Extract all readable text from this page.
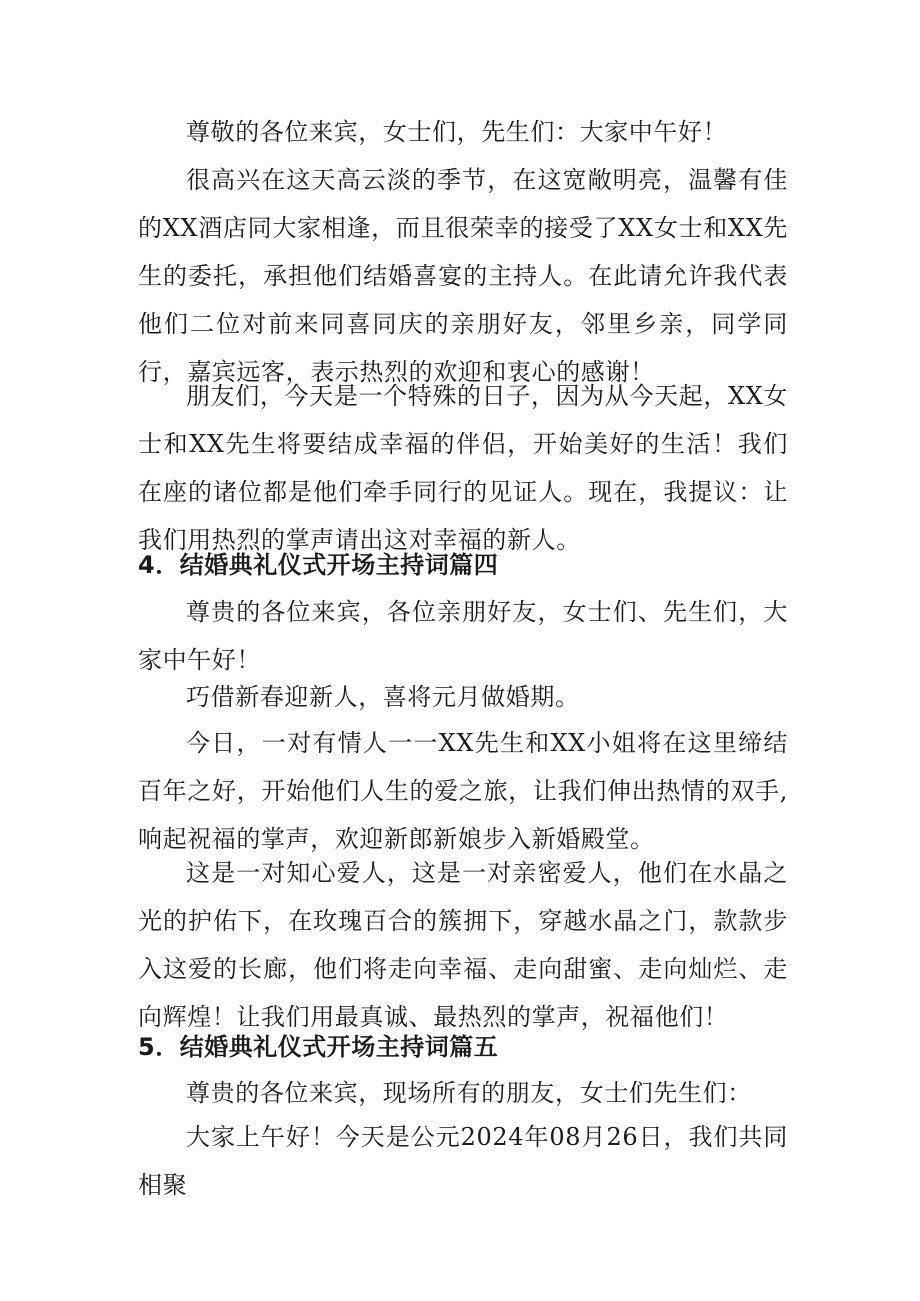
尊敬的各位来宾，女士们，先生们：大家中午好！

很高兴在这天高云淡的季节，在这宽敞明亮，温馨有佳的XX酒店同大家相逢，而且很荣幸的接受了XX女士和XX先生的委托，承担他们结婚喜宴的主持人。在此请允许我代表他们二位对前来同喜同庆的亲朋好友，邻里乡亲，同学同行，嘉宾远客，表示热烈的欢迎和衷心的感谢！

朋友们，今天是一个特殊的日子，因为从今天起，XX女士和XX先生将要结成幸福的伴侣，开始美好的生活！我们在座的诸位都是他们牵手同行的见证人。现在，我提议：让我们用热烈的掌声请出这对幸福的新人。

4．结婚典礼仪式开场主持词篇四

尊贵的各位来宾，各位亲朋好友，女士们、先生们，大家中午好！

巧借新春迎新人，喜将元月做婚期。

今日，一对有情人一一XX先生和XX小姐将在这里缔结百年之好，开始他们人生的爱之旅，让我们伸出热情的双手,响起祝福的掌声，欢迎新郎新娘步入新婚殿堂。

这是一对知心爱人，这是一对亲密爱人，他们在水晶之光的护佑下，在玫瑰百合的簇拥下，穿越水晶之门，款款步入这爱的长廊，他们将走向幸福、走向甜蜜、走向灿烂、走向辉煌！让我们用最真诚、最热烈的掌声，祝福他们！

5．结婚典礼仪式开场主持词篇五

尊贵的各位来宾，现场所有的朋友，女士们先生们：

大家上午好！今天是公元2024年08月26日，我们共同相聚
